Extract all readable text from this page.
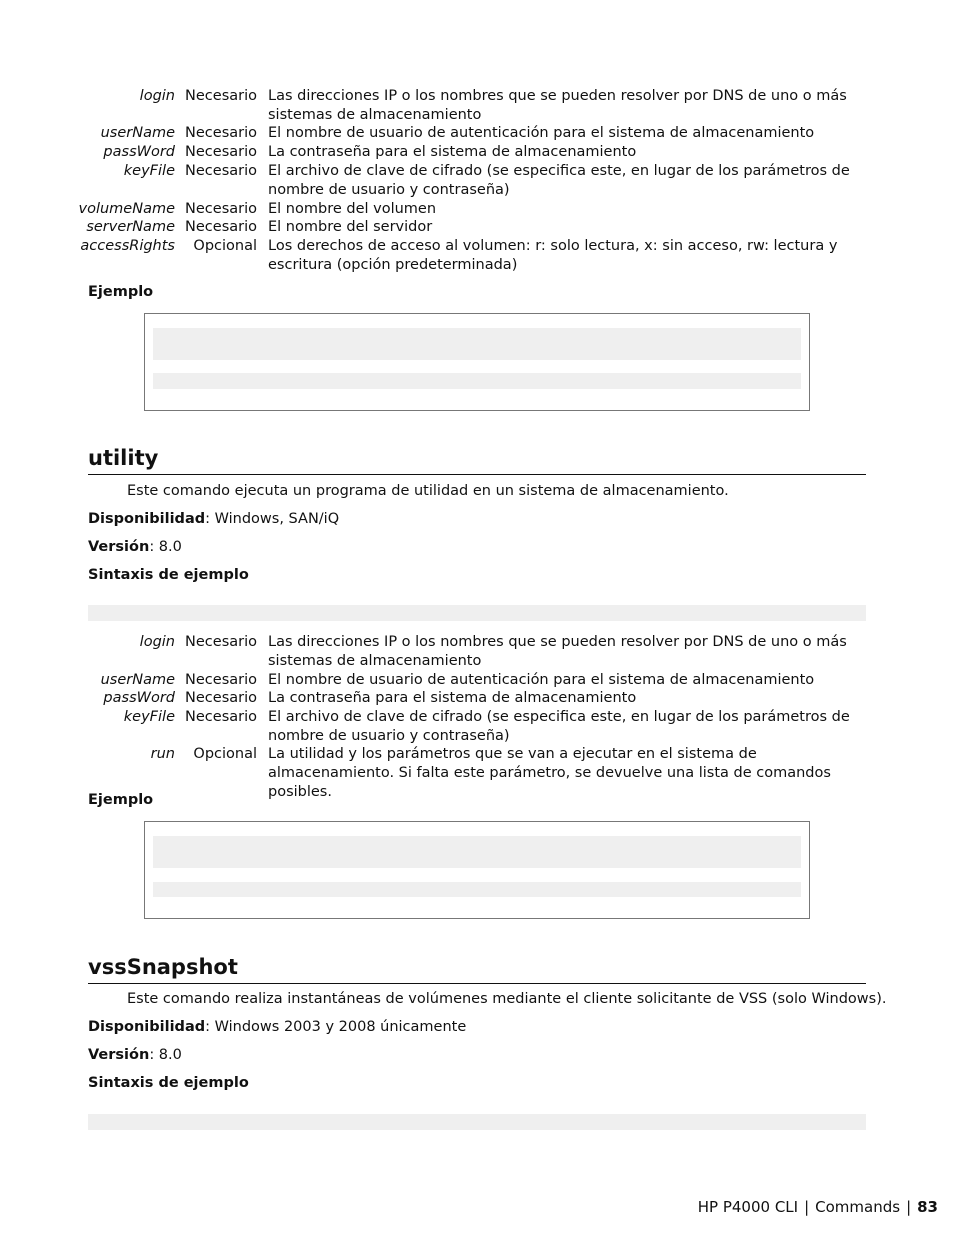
login Necesario Las direcciones IP o los nombres que se pueden resolver por DNS de uno o más sistemas de almacenamiento
userName Necesario El nombre de usuario de autenticación para el sistema de almacenamiento
passWord Necesario La contraseña para el sistema de almacenamiento
keyFile Necesario El archivo de clave de cifrado (se especifica este, en lugar de los parámetros de nombre de usuario y contraseña)
volumeName Necesario El nombre del volumen
serverName Necesario El nombre del servidor
accessRights Opcional Los derechos de acceso al volumen: r: solo lectura, x: sin acceso, rw: lectura y escritura (opción predeterminada)
Ejemplo
utility
Este comando ejecuta un programa de utilidad en un sistema de almacenamiento.
Disponibilidad: Windows, SAN/iQ
Versión: 8.0
Sintaxis de ejemplo
login Necesario Las direcciones IP o los nombres que se pueden resolver por DNS de uno o más sistemas de almacenamiento
userName Necesario El nombre de usuario de autenticación para el sistema de almacenamiento
passWord Necesario La contraseña para el sistema de almacenamiento
keyFile Necesario El archivo de clave de cifrado (se especifica este, en lugar de los parámetros de nombre de usuario y contraseña)
run Opcional La utilidad y los parámetros que se van a ejecutar en el sistema de almacenamiento. Si falta este parámetro, se devuelve una lista de comandos posibles.
Ejemplo
vssSnapshot
Este comando realiza instantáneas de volúmenes mediante el cliente solicitante de VSS (solo Windows).
Disponibilidad: Windows 2003 y 2008 únicamente
Versión: 8.0
Sintaxis de ejemplo
HP P4000 CLI | Commands | 83
